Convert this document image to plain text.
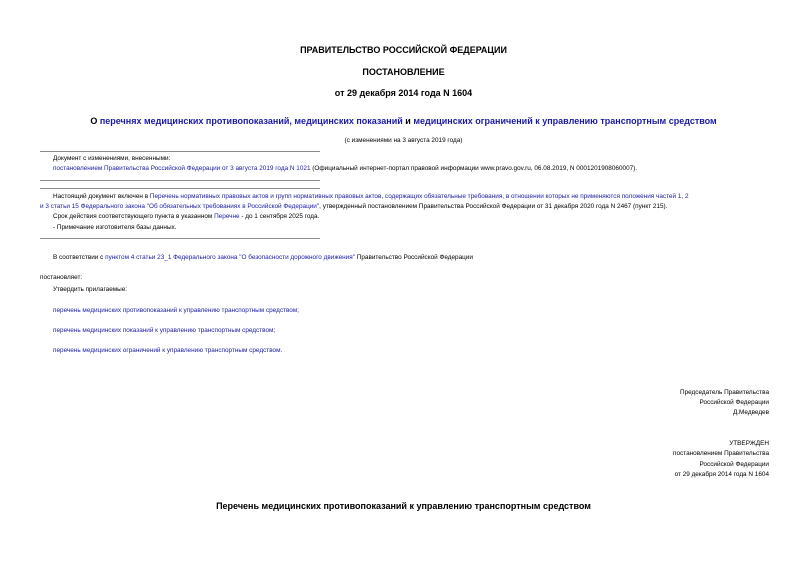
ПРАВИТЕЛЬСТВО РОССИЙСКОЙ ФЕДЕРАЦИИ
ПОСТАНОВЛЕНИЕ
от 29 декабря 2014 года N 1604
О перечнях медицинских противопоказаний, медицинских показаний и медицинских ограничений к управлению транспортным средством
(с изменениями на 3 августа 2019 года)
Документ с изменениями, внесенными:
постановлением Правительства Российской Федерации от 3 августа 2019 года N 1021 (Официальный интернет-портал правовой информации www.pravo.gov.ru, 06.08.2019, N 0001201908060007).
Настоящий документ включен в Перечень нормативных правовых актов и групп нормативных правовых актов, содержащих обязательные требования, в отношении которых не применяются положения частей 1, 2
и 3 статьи 15 Федерального закона "Об обязательных требованиях в Российской Федерации", утвержденный постановлением Правительства Российской Федерации от 31 декабря 2020 года N 2467 (пункт 215).
Срок действия соответствующего пункта в указанном Перечне - до 1 сентября 2025 года.
- Примечание изготовителя базы данных.
В соответствии с пунктом 4 статьи 23_1 Федерального закона "О безопасности дорожного движения" Правительство Российской Федерации
постановляет:
Утвердить прилагаемые:
перечень медицинских противопоказаний к управлению транспортным средством;
перечень медицинских показаний к управлению транспортным средством;
перечень медицинских ограничений к управлению транспортным средством.
Председатель Правительства
Российской Федерации
Д.Медведев
УТВЕРЖДЕН
постановлением Правительства
Российской Федерации
от 29 декабря 2014 года N 1604
Перечень медицинских противопоказаний к управлению транспортным средством
